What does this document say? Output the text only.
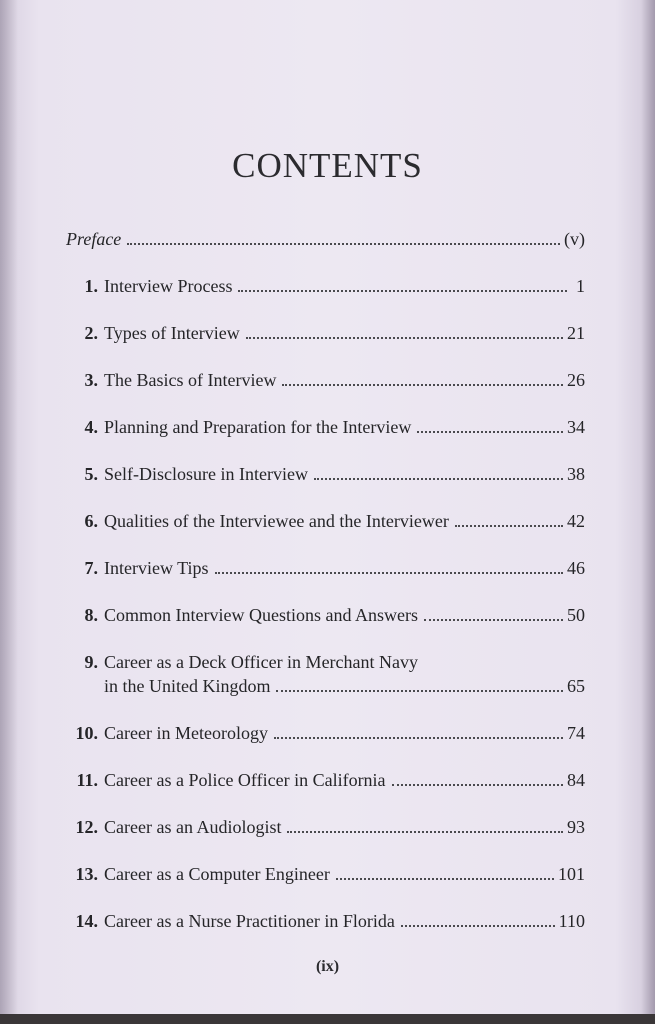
CONTENTS
Preface	(v)
1. Interview Process	1
2. Types of Interview	21
3. The Basics of Interview	26
4. Planning and Preparation for the Interview	34
5. Self-Disclosure in Interview	38
6. Qualities of the Interviewee and the Interviewer	42
7. Interview Tips	46
8. Common Interview Questions and Answers	50
9. Career as a Deck Officer in Merchant Navy
in the United Kingdom	65
10. Career in Meteorology	74
11. Career as a Police Officer in California	84
12. Career as an Audiologist	93
13. Career as a Computer Engineer	101
14. Career as a Nurse Practitioner in Florida	110
(ix)
